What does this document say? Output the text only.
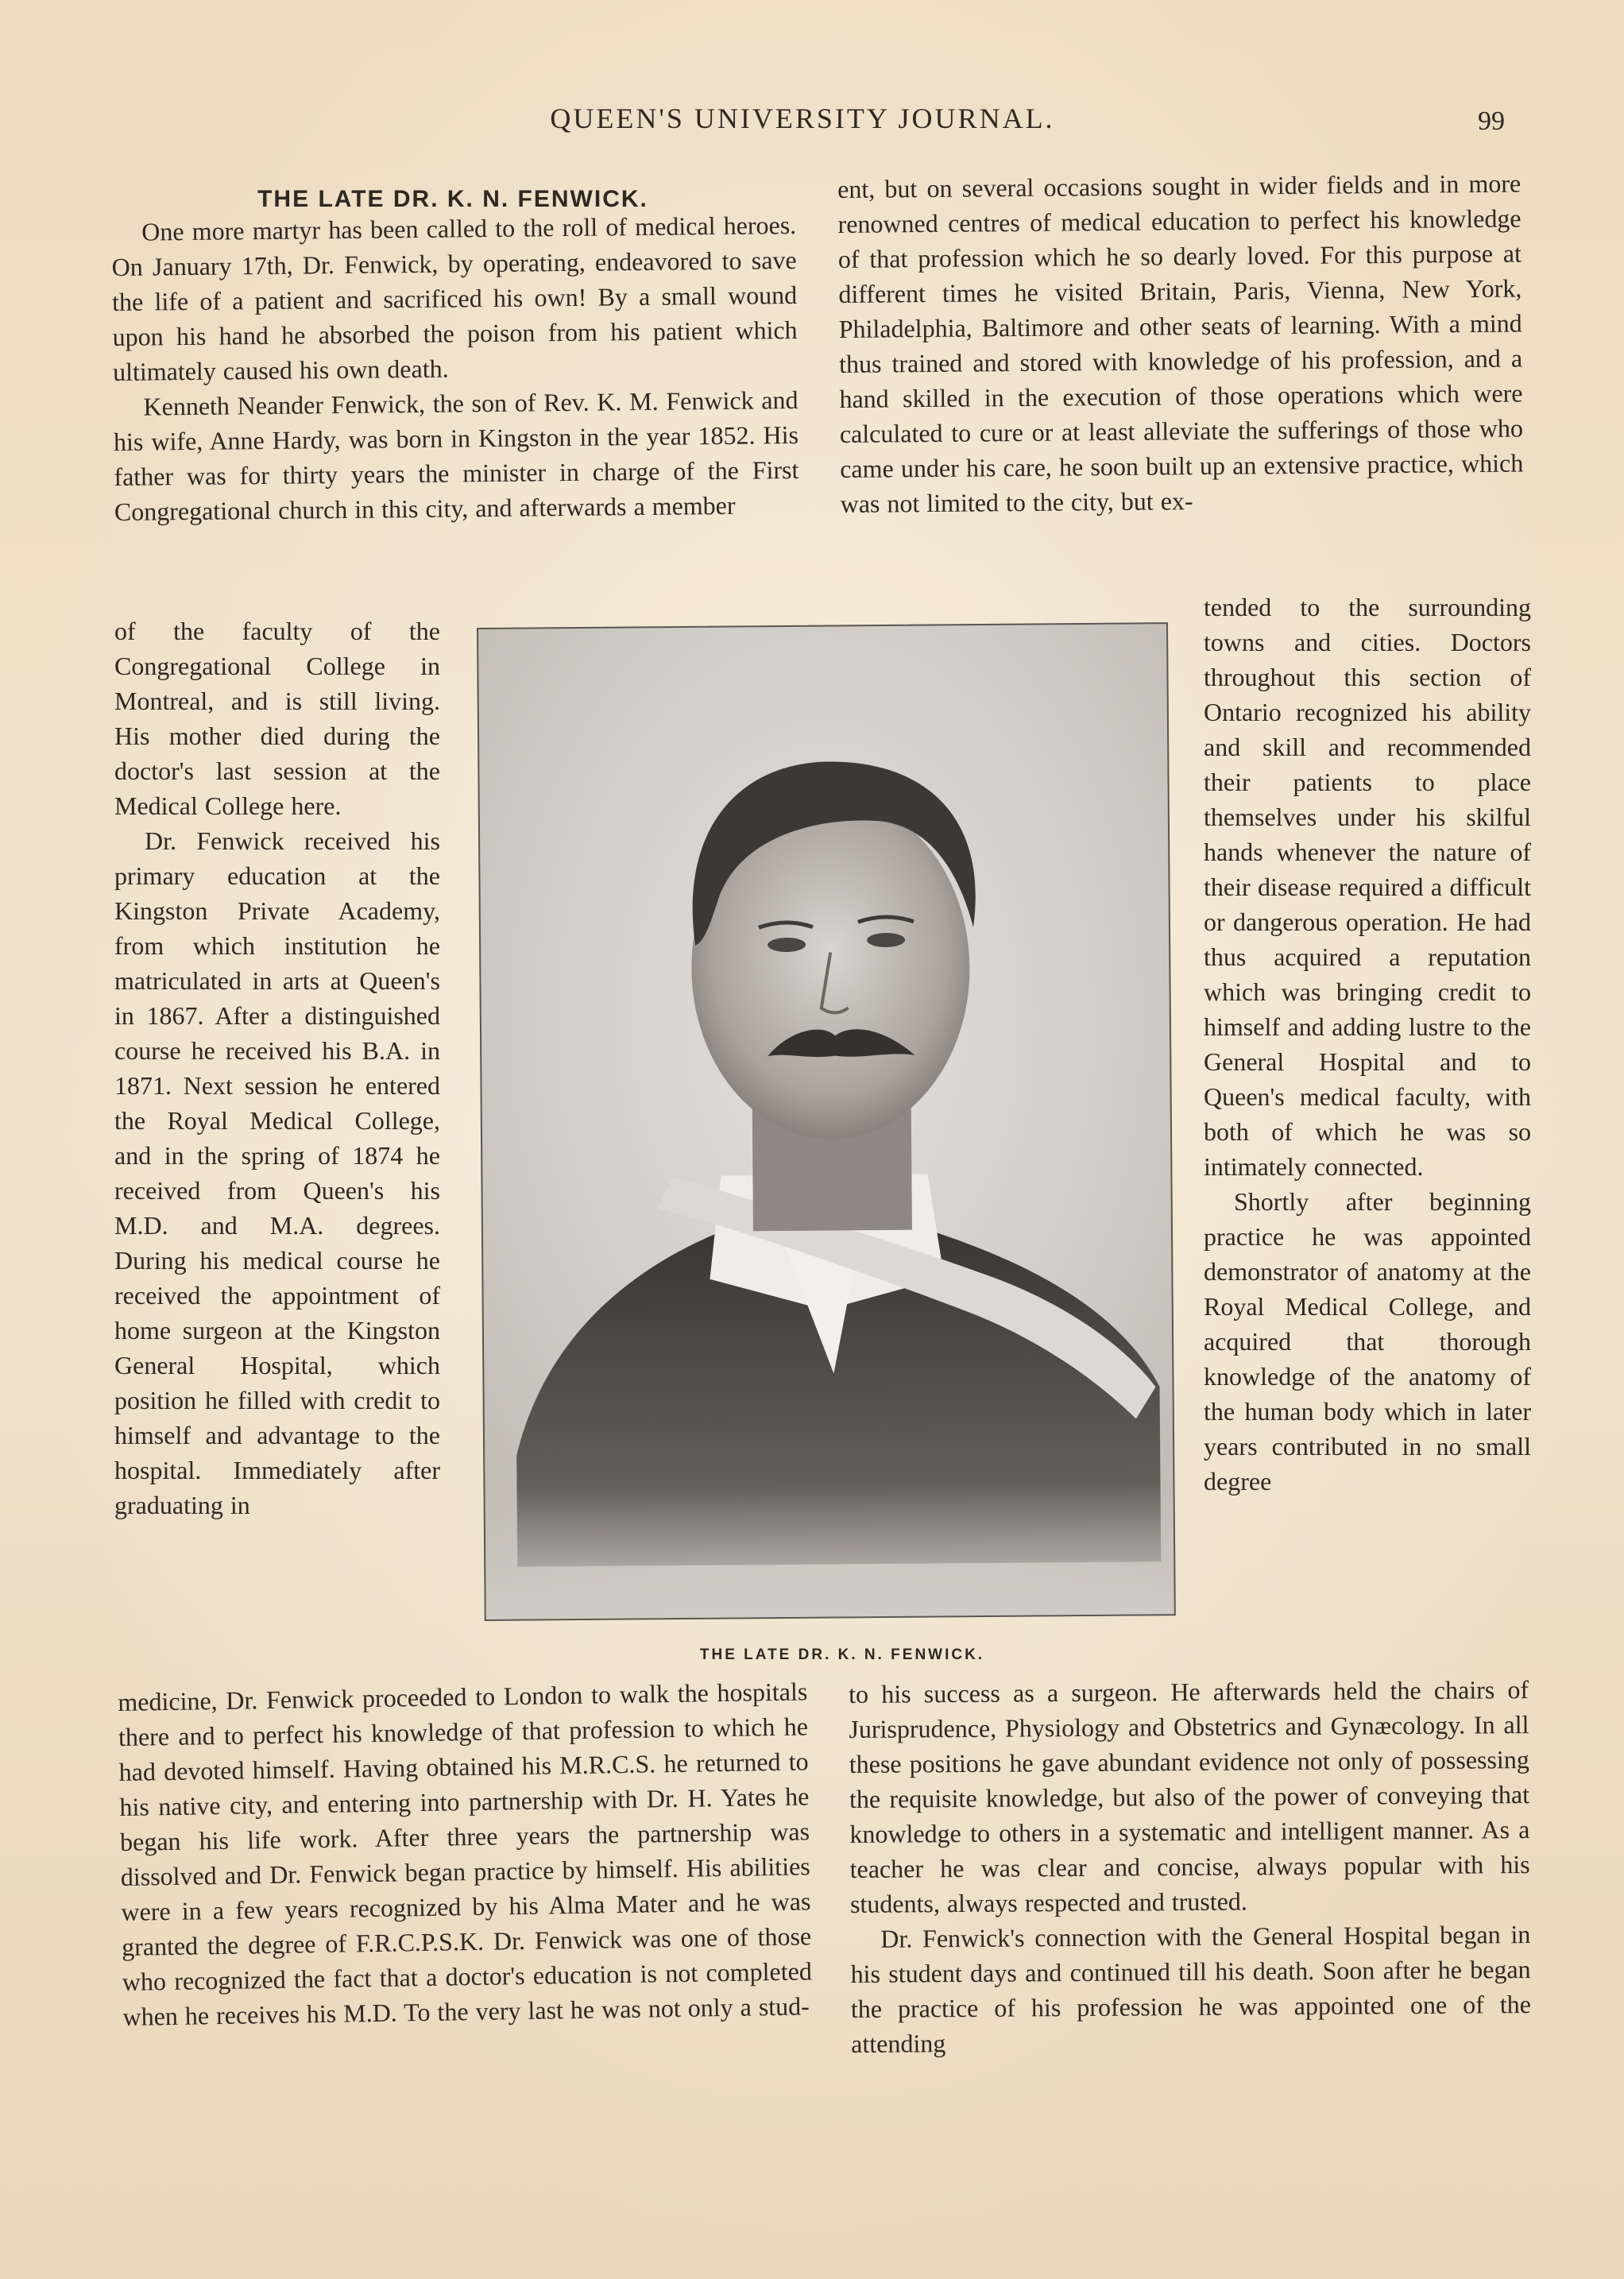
QUEEN'S UNIVERSITY JOURNAL.	99
THE LATE DR. K. N. FENWICK.

One more martyr has been called to the roll of medical heroes. On January 17th, Dr. Fenwick, by operating, endeavored to save the life of a patient and sacrificed his own! By a small wound upon his hand he absorbed the poison from his patient which ultimately caused his own death.

Kenneth Neander Fenwick, the son of Rev. K. M. Fenwick and his wife, Anne Hardy, was born in Kingston in the year 1852. His father was for thirty years the minister in charge of the First Congregational church in this city, and afterwards a member

of the faculty of the Congregational College in Montreal, and is still living. His mother died during the doctor's last session at the Medical College here.

Dr. Fenwick received his primary education at the Kingston Private Academy, from which institution he matriculated in arts at Queen's in 1867. After a distinguished course he received his B.A. in 1871. Next session he entered the Royal Medical College, and in the spring of 1874 he received from Queen's his M.D. and M.A. degrees. During his medical course he received the appointment of home surgeon at the Kingston General Hospital, which position he filled with credit to himself and advantage to the hospital. Immediately after graduating in

medicine, Dr. Fenwick proceeded to London to walk the hospitals there and to perfect his knowledge of that profession to which he had devoted himself. Having obtained his M.R.C.S. he returned to his native city, and entering into partnership with Dr. H. Yates he began his life work. After three years the partnership was dissolved and Dr. Fenwick began practice by himself. His abilities were in a few years recognized by his Alma Mater and he was granted the degree of F.R.C.P.S.K. Dr. Fenwick was one of those who recognized the fact that a doctor's education is not completed when he receives his M.D. To the very last he was not only a stud-

ent, but on several occasions sought in wider fields and in more renowned centres of medical education to perfect his knowledge of that profession which he so dearly loved. For this purpose at different times he visited Britain, Paris, Vienna, New York, Philadelphia, Baltimore and other seats of learning. With a mind thus trained and stored with knowledge of his profession, and a hand skilled in the execution of those operations which were calculated to cure or at least alleviate the sufferings of those who came under his care, he soon built up an extensive practice, which was not limited to the city, but ex-

tended to the surrounding towns and cities. Doctors throughout this section of Ontario recognized his ability and skill and recommended their patients to place themselves under his skilful hands whenever the nature of their disease required a difficult or dangerous operation. He had thus acquired a reputation which was bringing credit to himself and adding lustre to the General Hospital and to Queen's medical faculty, with both of which he was so intimately connected.

Shortly after beginning practice he was appointed demonstrator of anatomy at the Royal Medical College, and acquired that thorough knowledge of the anatomy of the human body which in later years contributed in no small degree

to his success as a surgeon. He afterwards held the chairs of Jurisprudence, Physiology and Obstetrics and Gynæcology. In all these positions he gave abundant evidence not only of possessing the requisite knowledge, but also of the power of conveying that knowledge to others in a systematic and intelligent manner. As a teacher he was clear and concise, always popular with his students, always respected and trusted.

Dr. Fenwick's connection with the General Hospital began in his student days and continued till his death. Soon after he began the practice of his profession he was appointed one of the attending

THE LATE DR. K. N. FENWICK.
